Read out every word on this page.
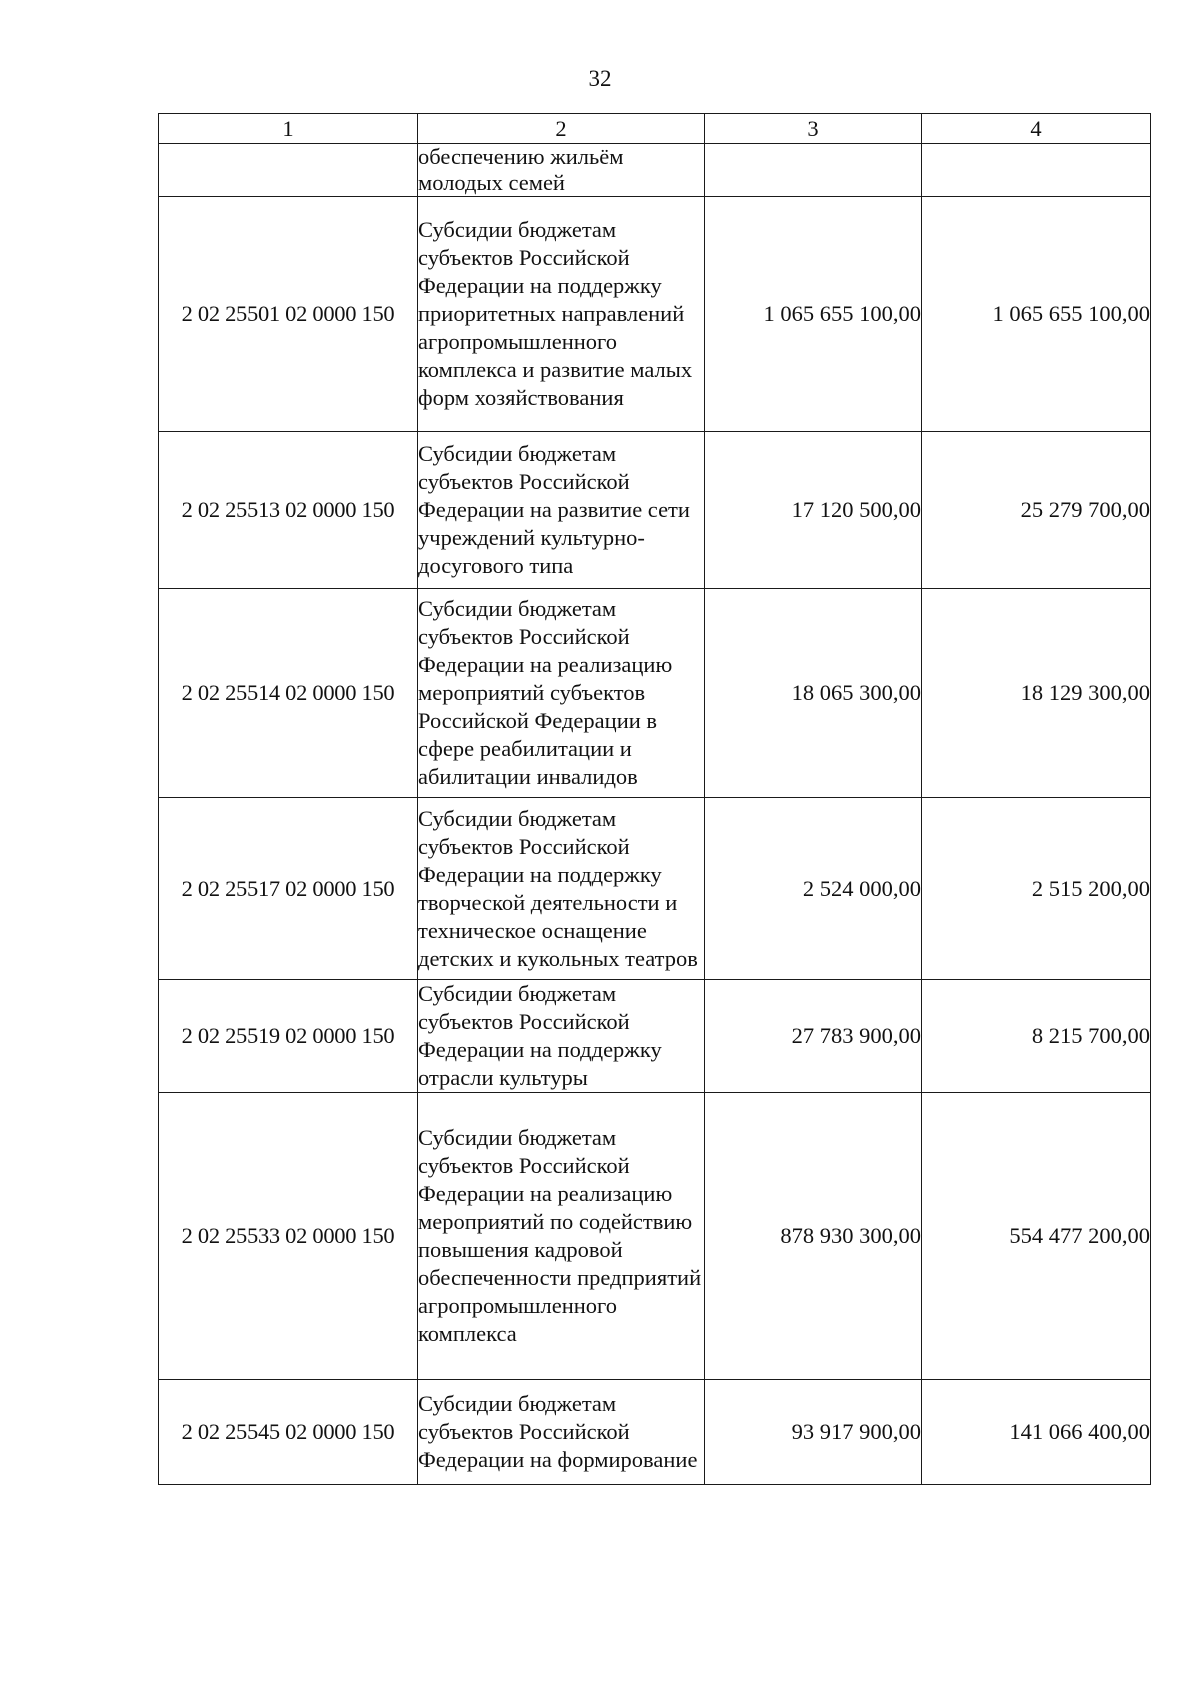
32
1	2	3	4
	обеспечению жильём молодых семей		
2 02 25501 02 0000 150	Субсидии бюджетам субъектов Российской Федерации на поддержку приоритетных направлений агропромышленного комплекса и развитие малых форм хозяйствования	1 065 655 100,00	1 065 655 100,00
2 02 25513 02 0000 150	Субсидии бюджетам субъектов Российской Федерации на развитие сети учреждений культурно-досугового типа	17 120 500,00	25 279 700,00
2 02 25514 02 0000 150	Субсидии бюджетам субъектов Российской Федерации на реализацию мероприятий субъектов Российской Федерации в сфере реабилитации и абилитации инвалидов	18 065 300,00	18 129 300,00
2 02 25517 02 0000 150	Субсидии бюджетам субъектов Российской Федерации на поддержку творческой деятельности и техническое оснащение детских и кукольных театров	2 524 000,00	2 515 200,00
2 02 25519 02 0000 150	Субсидии бюджетам субъектов Российской Федерации на поддержку отрасли культуры	27 783 900,00	8 215 700,00
2 02 25533 02 0000 150	Субсидии бюджетам субъектов Российской Федерации на реализацию мероприятий по содействию повышения кадровой обеспеченности предприятий агропромышленного комплекса	878 930 300,00	554 477 200,00
2 02 25545 02 0000 150	Субсидии бюджетам субъектов Российской Федерации на формирование	93 917 900,00	141 066 400,00
